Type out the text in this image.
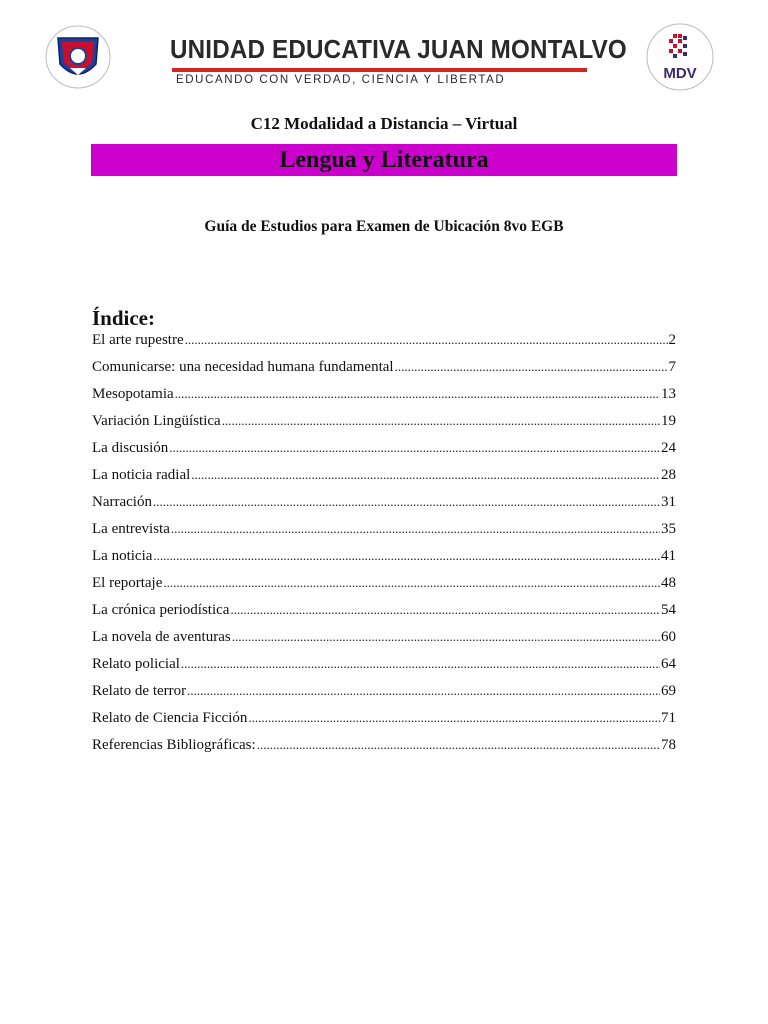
UNIDAD EDUCATIVA JUAN MONTALVO
EDUCANDO CON VERDAD, CIENCIA Y LIBERTAD	MDV
C12 Modalidad a Distancia – Virtual
Lengua y Literatura
Guía de Estudios para Examen de Ubicación 8vo EGB
Índice:
El arte rupestre .....	2
Comunicarse: una necesidad humana fundamental .....	7
Mesopotamia .....	13
Variación Lingüística .....	19
La discusión .....	24
La noticia radial .....	28
Narración .....	31
La entrevista .....	35
La noticia .....	41
El reportaje .....	48
La crónica periodística .....	54
La novela de aventuras .....	60
Relato policial .....	64
Relato de terror .....	69
Relato de Ciencia Ficción .....	71
Referencias Bibliográficas: .....	78
